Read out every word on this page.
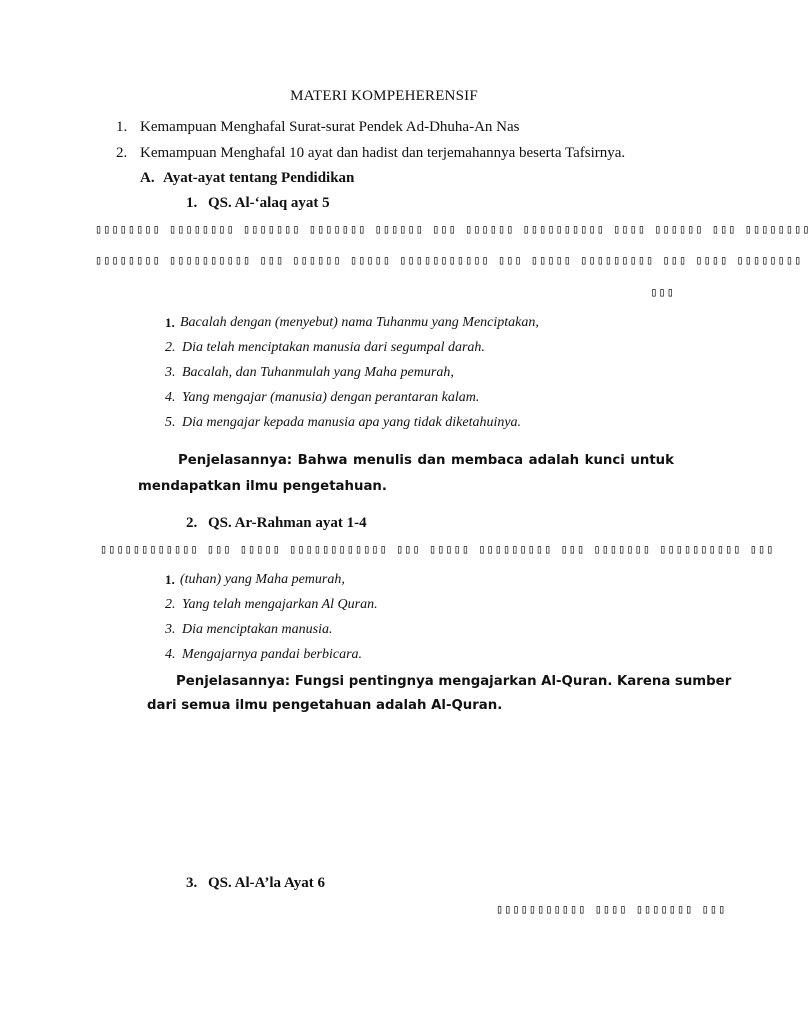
MATERI KOMPEHERENSIF
1. Kemampuan Menghafal Surat-surat Pendek Ad-Dhuha-An Nas
2. Kemampuan Menghafal 10 ayat dan hadist dan terjemahannya beserta Tafsirnya.
A. Ayat-ayat tentang Pendidikan
1. QS. Al-‘alaq ayat 5
▯▯▯▯▯▯▯▯ ▯▯▯▯▯▯▯▯ ▯▯▯▯▯▯▯ ▯▯▯▯▯▯▯ ▯▯▯▯▯▯ ▯▯▯ ▯▯▯▯▯▯ ▯▯▯▯▯▯▯▯▯▯ ▯▯▯▯ ▯▯▯▯▯▯ ▯▯▯ ▯▯▯▯▯▯▯▯
▯▯▯▯▯▯▯▯ ▯▯▯▯▯▯▯▯▯▯ ▯▯▯ ▯▯▯▯▯▯ ▯▯▯▯▯ ▯▯▯▯▯▯▯▯▯▯▯ ▯▯▯ ▯▯▯▯▯ ▯▯▯▯▯▯▯▯▯ ▯▯▯ ▯▯▯▯ ▯▯▯▯▯▯▯▯
▯▯▯
1. Bacalah dengan (menyebut) nama Tuhanmu yang Menciptakan,
2. Dia telah menciptakan manusia dari segumpal darah.
3. Bacalah, dan Tuhanmulah yang Maha pemurah,
4. Yang mengajar (manusia) dengan perantaran kalam.
5. Dia mengajar kepada manusia apa yang tidak diketahuinya.
Penjelasannya: Bahwa menulis dan membaca adalah kunci untuk
mendapatkan ilmu pengetahuan.
2. QS. Ar-Rahman ayat 1-4
▯▯▯▯▯▯▯▯▯▯▯▯ ▯▯▯ ▯▯▯▯▯ ▯▯▯▯▯▯▯▯▯▯▯▯ ▯▯▯ ▯▯▯▯▯ ▯▯▯▯▯▯▯▯▯ ▯▯▯ ▯▯▯▯▯▯▯ ▯▯▯▯▯▯▯▯▯▯ ▯▯▯
1. (tuhan) yang Maha pemurah,
2. Yang telah mengajarkan Al Quran.
3. Dia menciptakan manusia.
4. Mengajarnya pandai berbicara.
Penjelasannya: Fungsi pentingnya mengajarkan Al-Quran. Karena sumber
dari semua ilmu pengetahuan adalah Al-Quran.
3. QS. Al-A’la Ayat 6
▯▯▯▯▯▯▯▯▯▯▯ ▯▯▯▯ ▯▯▯▯▯▯▯ ▯▯▯
